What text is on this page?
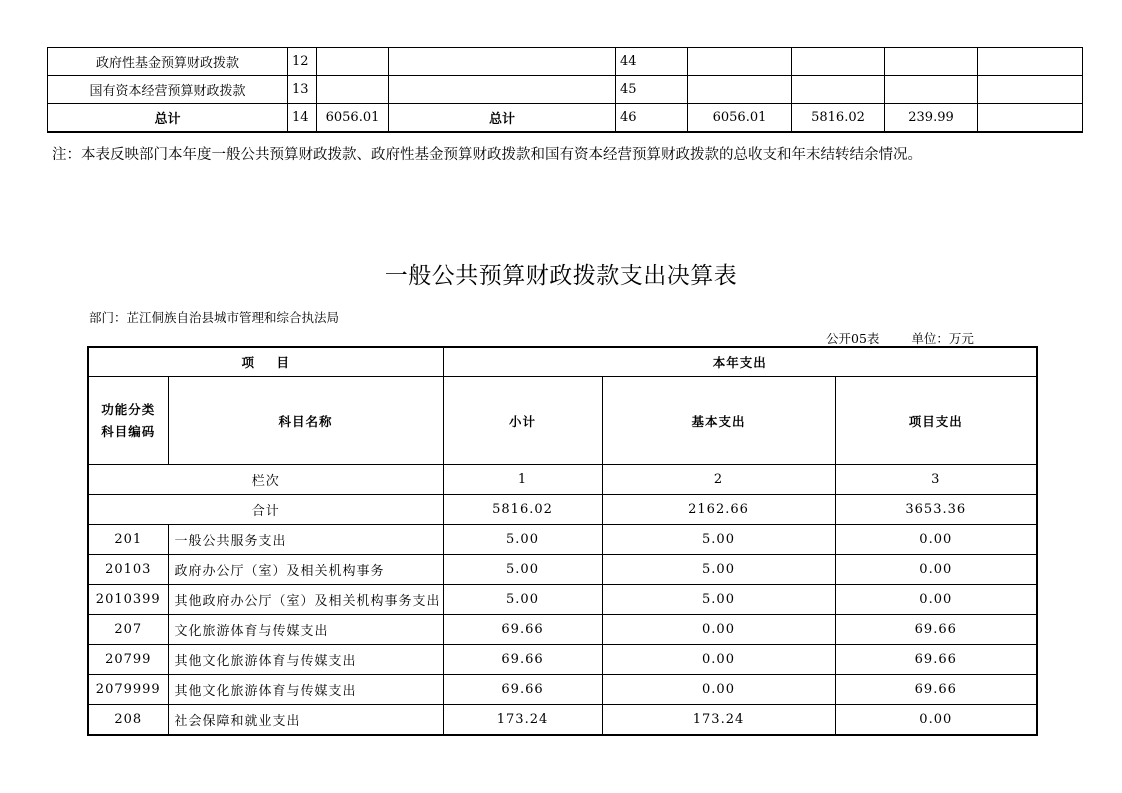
政府性基金预算财政拨款	12			44				
国有资本经营预算财政拨款	13			45				
总计	14	6056.01	总计	46	6056.01	5816.02	239.99	
注：本表反映部门本年度一般公共预算财政拨款、政府性基金预算财政拨款和国有资本经营预算财政拨款的总收支和年末结转结余情况。
一般公共预算财政拨款支出决算表
部门：芷江侗族自治县城市管理和综合执法局
公开05表	单位：万元
项    目		本年支出		
功能分类
科目编码	科目名称	小计	基本支出	项目支出
栏次		1	2	3
合计		5816.02	2162.66	3653.36
201	一般公共服务支出	5.00	5.00	0.00
20103	政府办公厅（室）及相关机构事务	5.00	5.00	0.00
2010399	其他政府办公厅（室）及相关机构事务支出	5.00	5.00	0.00
207	文化旅游体育与传媒支出	69.66	0.00	69.66
20799	其他文化旅游体育与传媒支出	69.66	0.00	69.66
2079999	其他文化旅游体育与传媒支出	69.66	0.00	69.66
208	社会保障和就业支出	173.24	173.24	0.00
